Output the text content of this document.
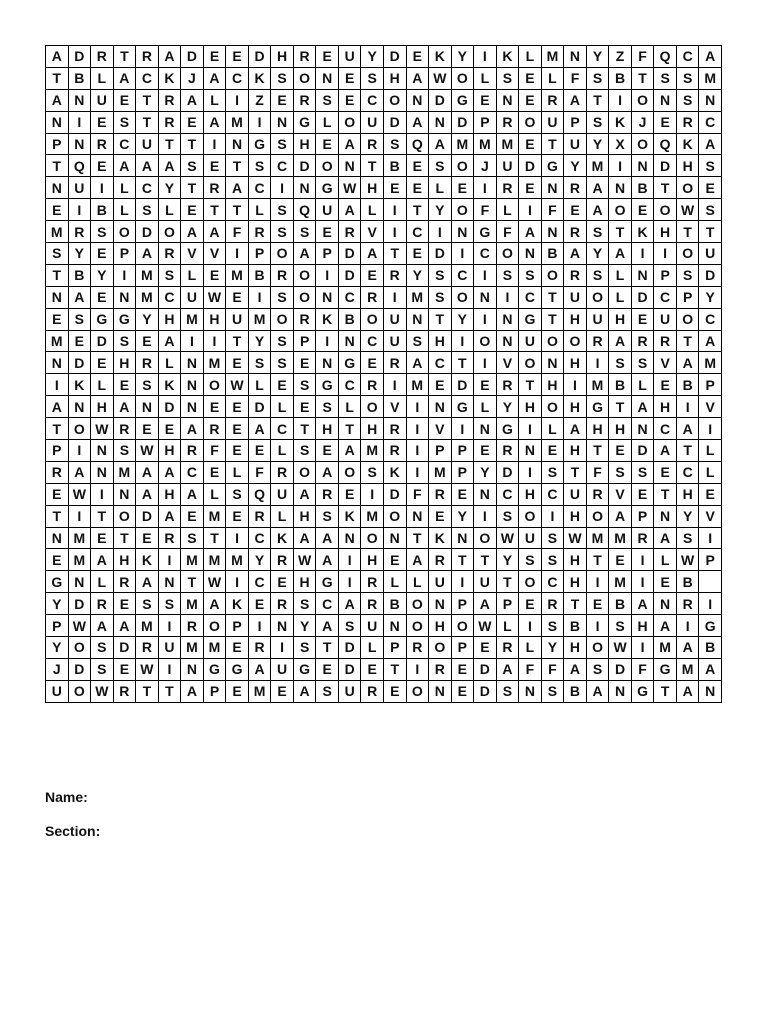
A	D	R	T	R	A	D	E	E	D	H	R	E	U	Y	D	E	K	Y	I	K	L	M	N	Y	Z	F	Q	C	A
T	B	L	A	C	K	J	A	C	K	S	O	N	E	S	H	A	W	O	L	S	E	L	F	S	B	T	S	S	M
A	N	U	E	T	R	A	L	I	Z	E	R	S	E	C	O	N	D	G	E	N	E	R	A	T	I	O	N	S	N
N	I	E	S	T	R	E	A	M	I	N	G	L	O	U	D	A	N	D	P	R	O	U	P	S	K	J	E	R	C
P	N	R	C	U	T	T	I	N	G	S	H	E	A	R	S	Q	A	M	M	M	E	T	U	Y	X	O	Q	K	A
T	Q	E	A	A	A	S	E	T	S	C	D	O	N	T	B	E	S	O	J	U	D	G	Y	M	I	N	D	H	S
N	U	I	L	C	Y	T	R	A	C	I	N	G	W	H	E	E	L	E	I	R	E	N	R	A	N	B	T	O	E
E	I	B	L	S	L	E	T	T	L	S	Q	U	A	L	I	T	Y	O	F	L	I	F	E	A	O	E	O	W	S
M	R	S	O	D	O	A	A	F	R	S	S	E	R	V	I	C	I	N	G	F	A	N	R	S	T	K	H	T	T
S	Y	E	P	A	R	V	V	I	P	O	A	P	D	A	T	E	D	I	C	O	N	B	A	Y	A	I	I	O	U
T	B	Y	I	M	S	L	E	M	B	R	O	I	D	E	R	Y	S	C	I	S	S	O	R	S	L	N	P	S	D
N	A	E	N	M	C	U	W	E	I	S	O	N	C	R	I	M	S	O	N	I	C	T	U	O	L	D	C	P	Y
E	S	G	G	Y	H	M	H	U	M	O	R	K	B	O	U	N	T	Y	I	N	G	T	H	U	H	E	U	O	C
M	E	D	S	E	A	I	I	T	Y	S	P	I	N	C	U	S	H	I	O	N	U	O	O	R	A	R	R	T	A
N	D	E	H	R	L	N	M	E	S	S	E	N	G	E	R	A	C	T	I	V	O	N	H	I	S	S	V	A	M
I	K	L	E	S	K	N	O	W	L	E	S	G	C	R	I	M	E	D	E	R	T	H	I	M	B	L	E	B	P
A	N	H	A	N	D	N	E	E	D	L	E	S	L	O	V	I	N	G	L	Y	H	O	H	G	T	A	H	I	V
T	O	W	R	E	E	A	R	E	A	C	T	H	T	H	R	I	V	I	N	G	I	L	A	H	H	N	C	A	I
P	I	N	S	W	H	R	F	E	E	L	S	E	A	M	R	I	P	P	E	R	N	E	H	T	E	D	A	T	L
R	A	N	M	A	A	C	E	L	F	R	O	A	O	S	K	I	M	P	Y	D	I	S	T	F	S	S	E	C	L
E	W	I	N	A	H	A	L	S	Q	U	A	R	E	I	D	F	R	E	N	C	H	C	U	R	V	E	T	H	E
T	I	T	O	D	A	E	M	E	R	L	H	S	K	M	O	N	E	Y	I	S	O	I	H	O	A	P	N	Y	V
N	M	E	T	E	R	S	T	I	C	K	A	A	N	O	N	T	K	N	O	W	U	S	W	M	M	R	A	S	I
E	M	A	H	K	I	M	M	M	Y	R	W	A	I	H	E	A	R	T	T	Y	S	S	H	T	E	I	L	W	P
G	N	L	R	A	N	T	W	I	C	E	H	G	I	R	L	L	U	I	U	T	O	C	H	I	M	I	E	B	
Y	D	R	E	S	S	M	A	K	E	R	S	C	A	R	B	O	N	P	A	P	E	R	T	E	B	A	N	R	I
P	W	A	A	M	I	R	O	P	I	N	Y	A	S	U	N	O	H	O	W	L	I	S	B	I	S	H	A	I	G
Y	O	S	D	R	U	M	M	E	R	I	S	T	D	L	P	R	O	P	E	R	L	Y	H	O	W	I	M	A	B
J	D	S	E	W	I	N	G	G	A	U	G	E	D	E	T	I	R	E	D	A	F	F	A	S	D	F	G	M	A
U	O	W	R	T	T	A	P	E	M	E	A	S	U	R	E	O	N	E	D	S	N	S	B	A	N	G	T	A	N
Name:
Section:
